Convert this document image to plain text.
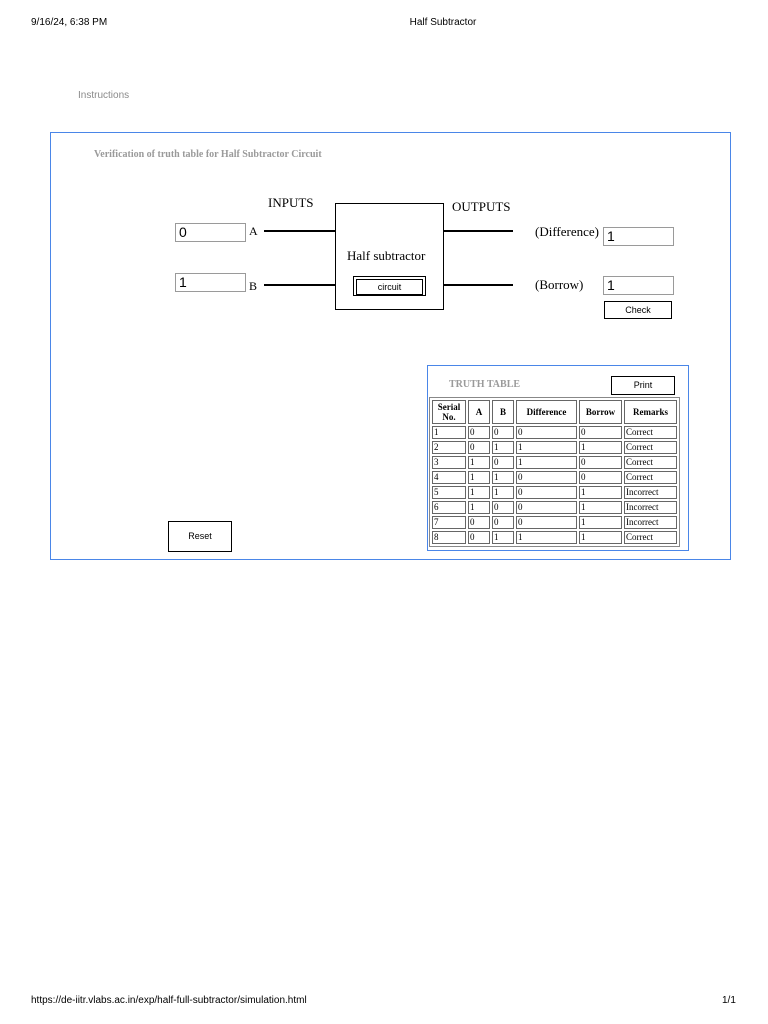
9/16/24, 6:38 PM	Half Subtractor
Instructions
Verification of truth table for Half Subtractor Circuit
INPUTS	OUTPUTS
0	A
1	B
Half subtractor
circuit
(Difference) 1
(Borrow) 1
Check
Reset
TRUTH TABLE	Print
Serial No.	A	B	Difference	Borrow	Remarks
1	0	0	0	0	Correct
2	0	1	1	1	Correct
3	1	0	1	0	Correct
4	1	1	0	0	Correct
5	1	1	0	1	Incorrect
6	1	0	0	1	Incorrect
7	0	0	0	1	Incorrect
8	0	1	1	1	Correct
https://de-iitr.vlabs.ac.in/exp/half-full-subtractor/simulation.html	1/1
